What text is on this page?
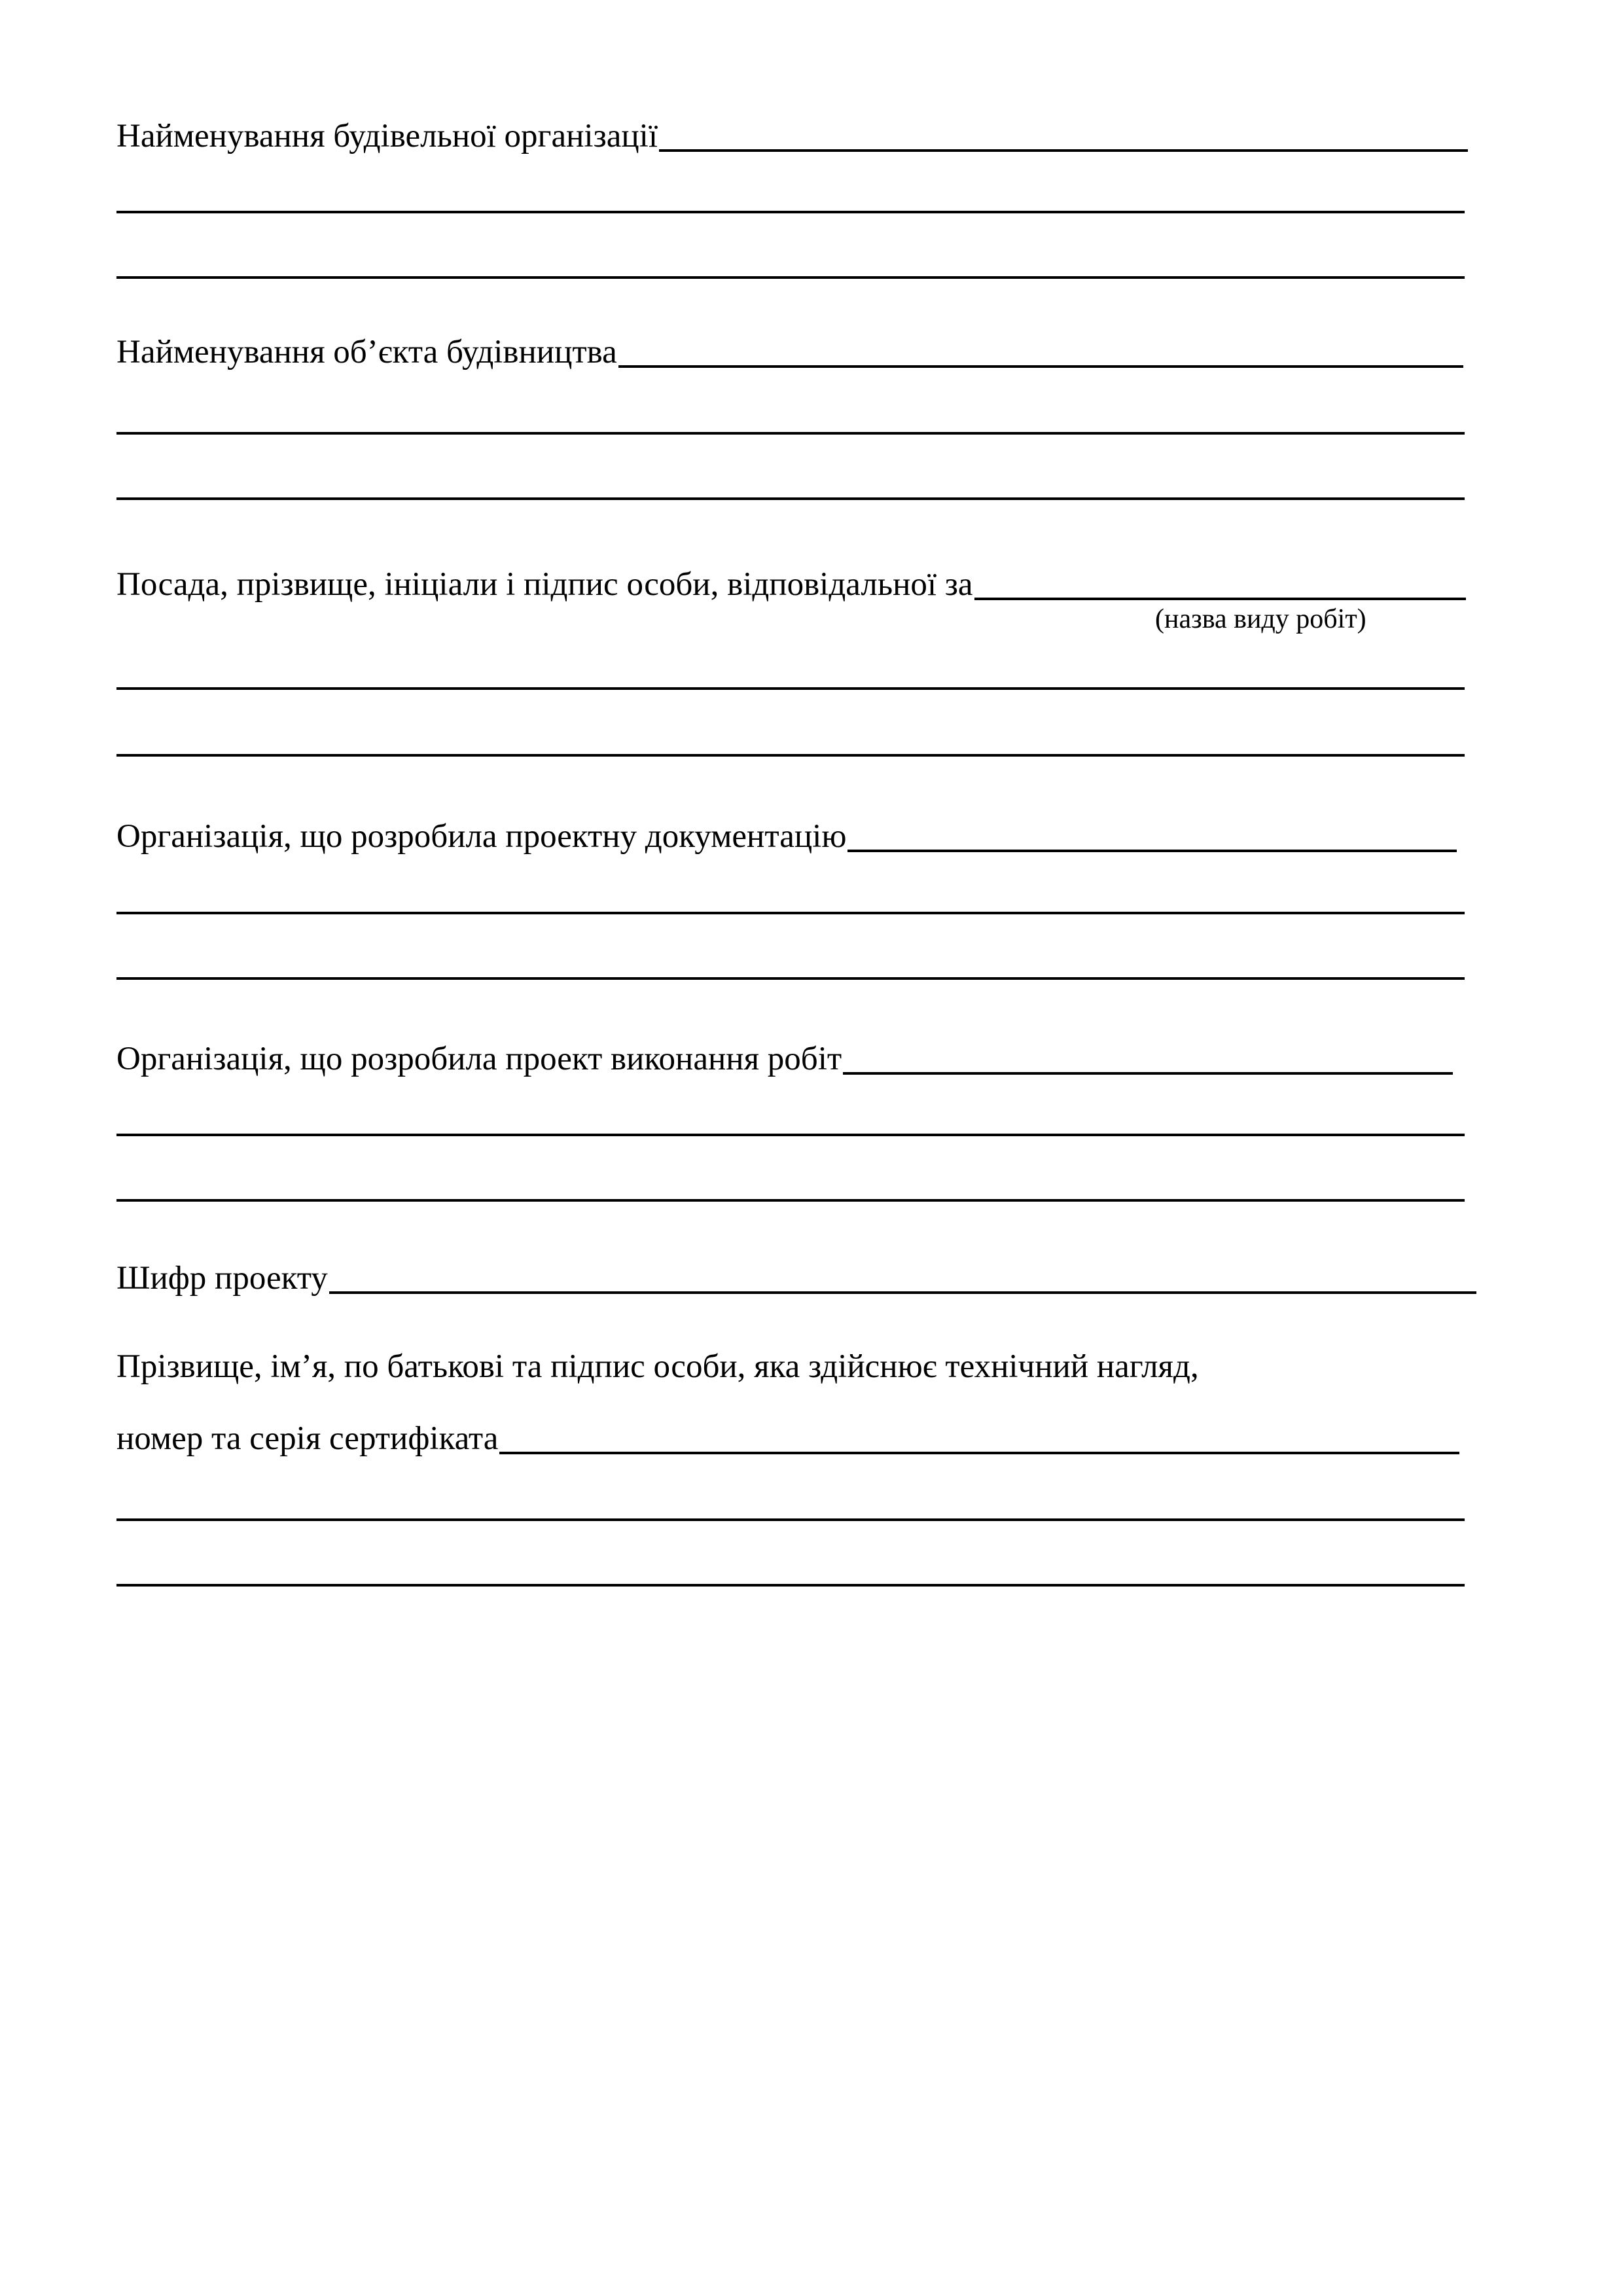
Найменування будівельної організації
Найменування об’єкта будівництва
Посада, прізвище, ініціали і підпис особи, відповідальної за
(назва виду робіт)
Організація, що розробила проектну документацію
Організація, що розробила проект виконання робіт
Шифр проекту
Прізвище, ім’я, по батькові та підпис особи, яка здійснює технічний нагляд,
номер та серія сертифіката
